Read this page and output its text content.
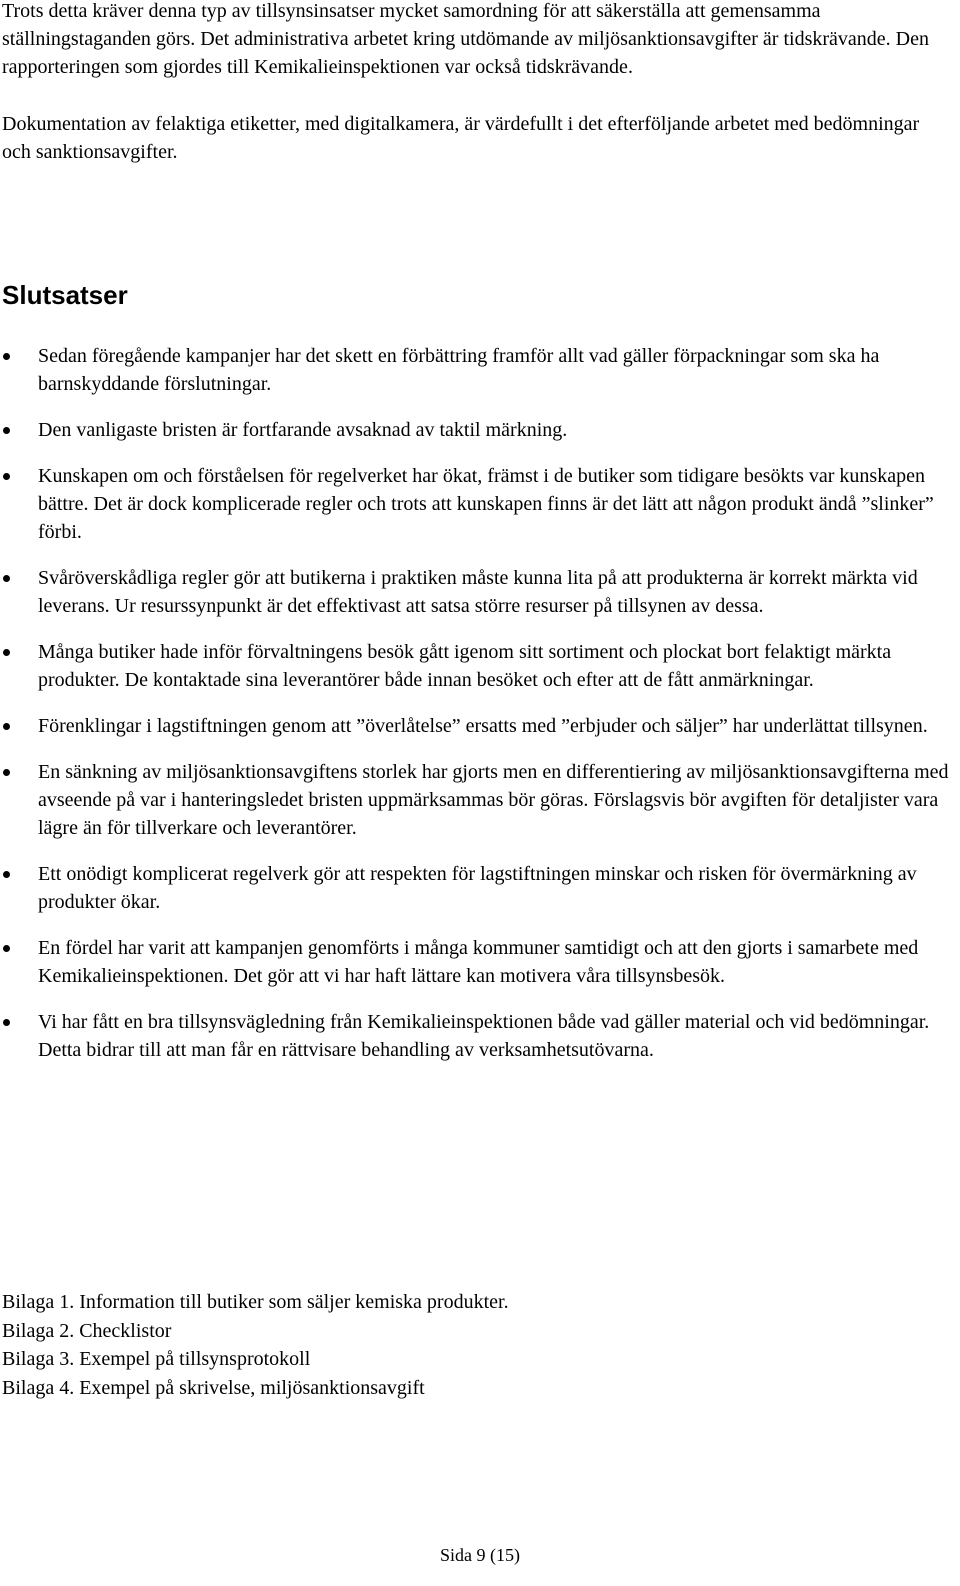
Trots detta kräver denna typ av tillsynsinsatser mycket samordning för att säkerställa att gemensamma ställningstaganden görs. Det administrativa arbetet kring utdömande av miljösanktionsavgifter är tidskrävande. Den rapporteringen som gjordes till Kemikalieinspektionen var också tidskrävande.

Dokumentation av felaktiga etiketter, med digitalkamera, är värdefullt i det efterföljande arbetet med bedömningar och sanktionsavgifter.

Slutsatser
Sedan föregående kampanjer har det skett en förbättring framför allt vad gäller förpackningar som ska ha barnskyddande förslutningar.
Den vanligaste bristen är fortfarande avsaknad av taktil märkning.
Kunskapen om och förståelsen för regelverket har ökat, främst i de butiker som tidigare besökts var kunskapen bättre. Det är dock komplicerade regler och trots att kunskapen finns är det lätt att någon produkt ändå ”slinker” förbi.
Svåröverskådliga regler gör att butikerna i praktiken måste kunna lita på att produkterna är korrekt märkta vid leverans. Ur resurssynpunkt är det effektivast att satsa större resurser på tillsynen av dessa.
Många butiker hade inför förvaltningens besök gått igenom sitt sortiment och plockat bort felaktigt märkta produkter. De kontaktade sina leverantörer både innan besöket och efter att de fått anmärkningar.
Förenklingar i lagstiftningen genom att ”överlåtelse” ersatts med ”erbjuder och säljer” har underlättat tillsynen.
En sänkning av miljösanktionsavgiftens storlek har gjorts men en differentiering av miljösanktionsavgifterna med avseende på var i hanteringsledet bristen uppmärksammas bör göras. Förslagsvis bör avgiften för detaljister vara lägre än för tillverkare och leverantörer.
Ett onödigt komplicerat regelverk gör att respekten för lagstiftningen minskar och risken för övermärkning av produkter ökar.
En fördel har varit att kampanjen genomförts i många kommuner samtidigt och att den gjorts i samarbete med Kemikalieinspektionen. Det gör att vi har haft lättare kan motivera våra tillsynsbesök.
Vi har fått en bra tillsynsvägledning från Kemikalieinspektionen både vad gäller material och vid bedömningar. Detta bidrar till att man får en rättvisare behandling av verksamhetsutövarna.
Bilaga 1. Information till butiker som säljer kemiska produkter.
Bilaga 2. Checklistor
Bilaga 3. Exempel på tillsynsprotokoll
Bilaga 4. Exempel på skrivelse, miljösanktionsavgift
Sida 9 (15)
